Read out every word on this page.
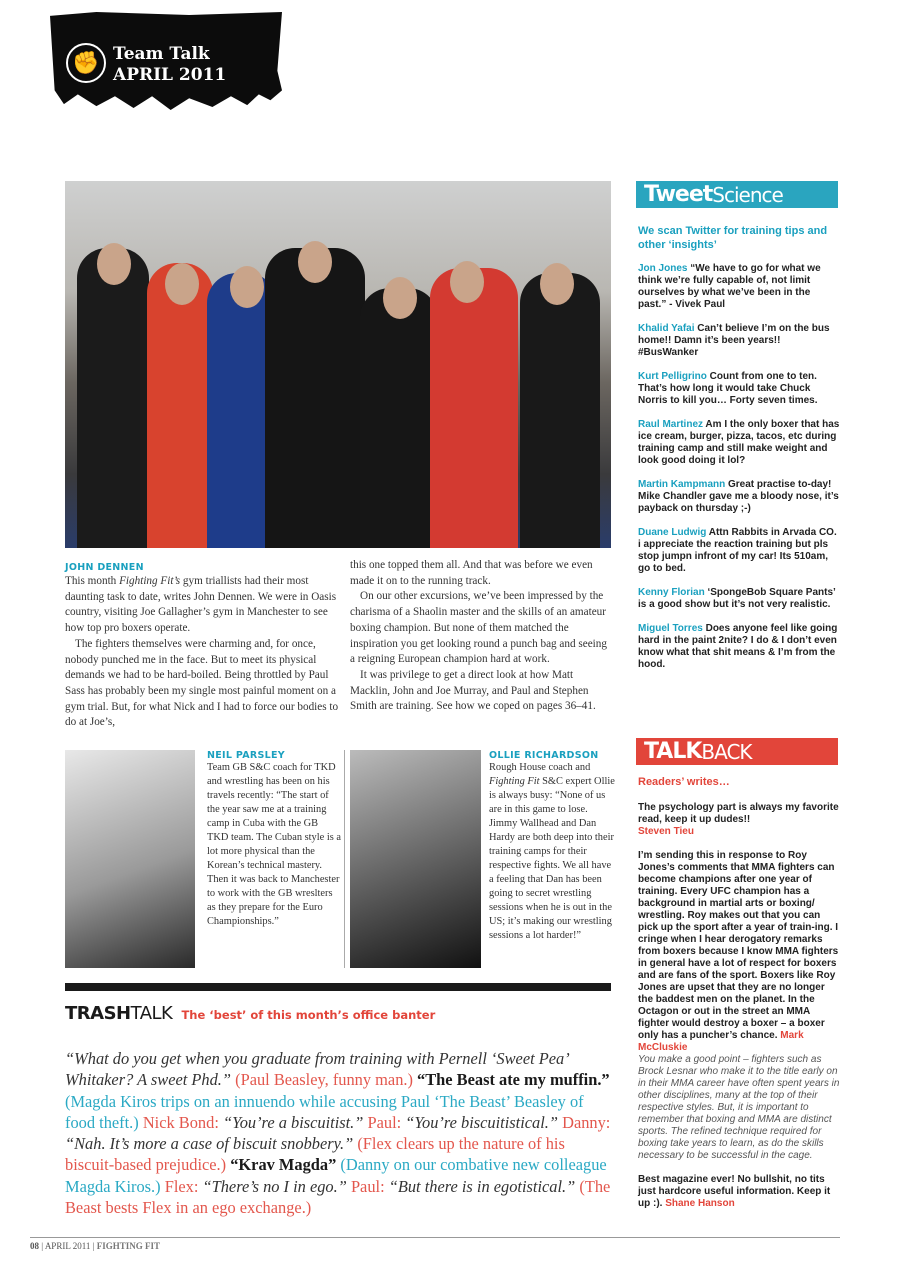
✊ Team Talk
APRIL 2011
JOHN DENNEN

This month Fighting Fit’s gym triallists had their most daunting task to date, writes John Dennen. We were in Oasis country, visiting Joe Gallagher’s gym in Manchester to see how top pro boxers operate.

The fighters themselves were charming and, for once, nobody punched me in the face. But to meet its physical demands we had to be hard-boiled. Being throttled by Paul Sass has probably been my single most painful moment on a gym trial. But, for what Nick and I had to force our bodies to do at Joe’s,

this one topped them all. And that was before we even made it on to the running track.

On our other excursions, we’ve been impressed by the charisma of a Shaolin master and the skills of an amateur boxing champion. But none of them matched the inspiration you get looking round a punch bag and seeing a reigning European champion hard at work.

It was privilege to get a direct look at how Matt Macklin, John and Joe Murray, and Paul and Stephen Smith are training. See how we coped on pages 36–41.

NEIL PARSLEY
Team GB S&C coach for TKD and wrestling has been on his travels recently: “The start of the year saw me at a training camp in Cuba with the GB TKD team. The Cuban style is a lot more physical than the Korean’s technical mastery. Then it was back to Manchester to work with the GB wreslters as they prepare for the Euro Championships.”
OLLIE RICHARDSON
Rough House coach and Fighting Fit S&C expert Ollie is always busy: “None of us are in this game to lose. Jimmy Wallhead and Dan Hardy are both deep into their training camps for their respective fights. We all have a feeling that Dan has been going to secret wrestling sessions when he is out in the US; it’s making our wrestling sessions a lot harder!”
TRASHTALK The ‘best’ of this month’s office banter
“What do you get when you graduate from training with Pernell ‘Sweet Pea’ Whitaker? A sweet Phd.” (Paul Beasley, funny man.) “The Beast ate my muffin.” (Magda Kiros trips on an innuendo while accusing Paul ‘The Beast’ Beasley of food theft.) Nick Bond: “You’re a biscuitist.” Paul: “You’re biscuitistical.” Danny: “Nah. It’s more a case of biscuit snobbery.” (Flex clears up the nature of his biscuit-based prejudice.) “Krav Magda” (Danny on our combative new colleague Magda Kiros.) Flex: “There’s no I in ego.” Paul: “But there is in egotistical.” (The Beast bests Flex in an ego exchange.)
Tweet Science
We scan Twitter for training tips and other ‘insights’

Jon Jones “We have to go for what we think we’re fully capable of, not limit ourselves by what we’ve been in the past.” - Vivek Paul

Khalid Yafai Can’t believe I’m on the bus home!! Damn it’s been years!! #BusWanker

Kurt Pelligrino Count from one to ten. That’s how long it would take Chuck Norris to kill you… Forty seven times.

Raul Martinez Am I the only boxer that has ice cream, burger, pizza, tacos, etc during training camp and still make weight and look good doing it lol?

Martin Kampmann Great practise to-day! Mike Chandler gave me a bloody nose, it’s payback on thursday ;-)

Duane Ludwig Attn Rabbits in Arvada CO. i appreciate the reaction training but pls stop jumpn infront of my car! Its 510am, go to bed.

Kenny Florian ‘SpongeBob Square Pants’ is a good show but it’s not very realistic.

Miguel Torres Does anyone feel like going hard in the paint 2nite? I do & I don’t even know what that shit means & I’m from the hood.

TALK BACK
Readers’ writes…

The psychology part is always my favorite read, keep it up dudes!!
Steven Tieu

I’m sending this in response to Roy Jones’s comments that MMA fighters can become champions after one year of training. Every UFC champion has a background in martial arts or boxing/ wrestling. Roy makes out that you can pick up the sport after a year of train-ing. I cringe when I hear derogatory remarks from boxers because I know MMA fighters in general have a lot of respect for boxers and are fans of the sport. Boxers like Roy Jones are upset that they are no longer the baddest men on the planet. In the Octagon or out in the street an MMA fighter would destroy a boxer – a boxer only has a puncher’s chance. Mark McCluskie
You make a good point – fighters such as Brock Lesnar who make it to the title early on in their MMA career have often spent years in other disciplines, many at the top of their respective styles. But, it is important to remember that boxing and MMA are distinct sports. The refined technique required for boxing take years to learn, as do the skills necessary to be successful in the cage.

Best magazine ever! No bullshit, no tits just hardcore useful information. Keep it up :). Shane Hanson

08 | APRIL 2011 | FIGHTING FIT
